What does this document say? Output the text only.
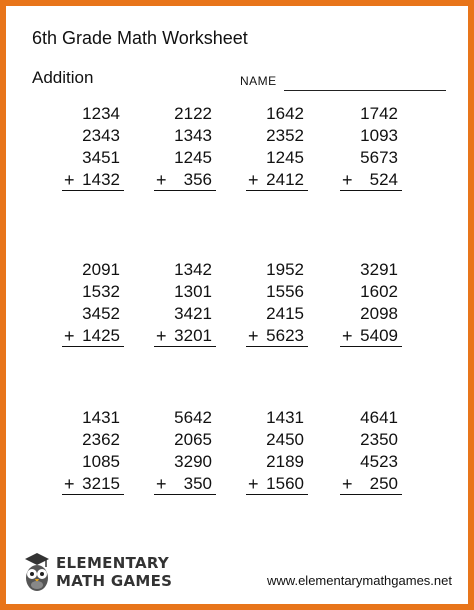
6th Grade Math Worksheet
Addition	NAME
1234
2343
3451
1432
+
2122
1343
1245
356
+
1642
2352
1245
2412
+
1742
1093
5673
524
+
2091
1532
3452
1425
+
1342
1301
3421
3201
+
1952
1556
2415
5623
+
3291
1602
2098
5409
+
1431
2362
1085
3215
+
5642
2065
3290
350
+
1431
2450
2189
1560
+
4641
2350
4523
250
+
ELEMENTARY
MATH GAMES	www.elementarymathgames.net
